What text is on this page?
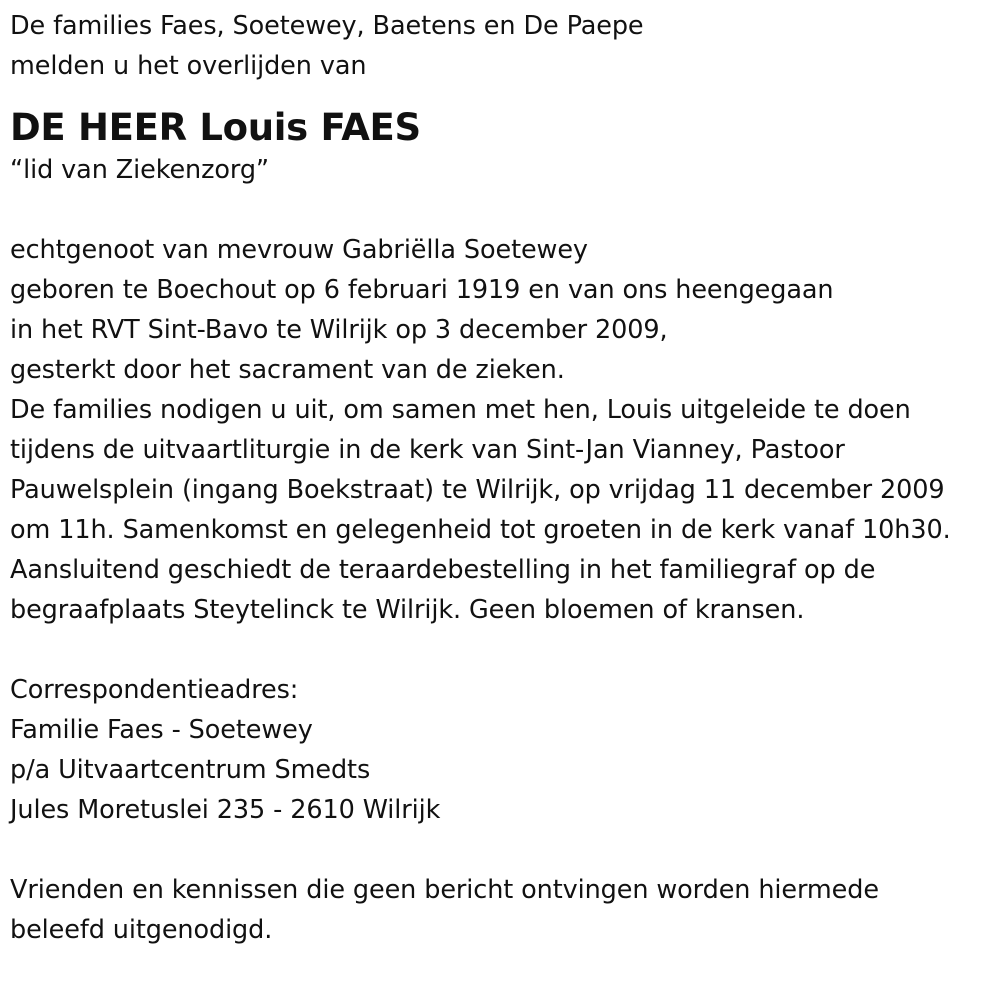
De families Faes, Soetewey, Baetens en De Paepe
melden u het overlijden van
DE HEER Louis FAES
“lid van Ziekenzorg”
echtgenoot van mevrouw Gabriëlla Soetewey
geboren te Boechout op 6 februari 1919 en van ons heengegaan
in het RVT Sint-Bavo te Wilrijk op 3 december 2009,
gesterkt door het sacrament van de zieken.
De families nodigen u uit, om samen met hen, Louis uitgeleide te doen
tijdens de uitvaartliturgie in de kerk van Sint-Jan Vianney, Pastoor
Pauwelsplein (ingang Boekstraat) te Wilrijk, op vrijdag 11 december 2009
om 11h. Samenkomst en gelegenheid tot groeten in de kerk vanaf 10h30.
Aansluitend geschiedt de teraardebestelling in het familiegraf op de
begraafplaats Steytelinck te Wilrijk. Geen bloemen of kransen.
Correspondentieadres:
Familie Faes - Soetewey
p/a Uitvaartcentrum Smedts
Jules Moretuslei 235 - 2610 Wilrijk
Vrienden en kennissen die geen bericht ontvingen worden hiermede
beleefd uitgenodigd.
